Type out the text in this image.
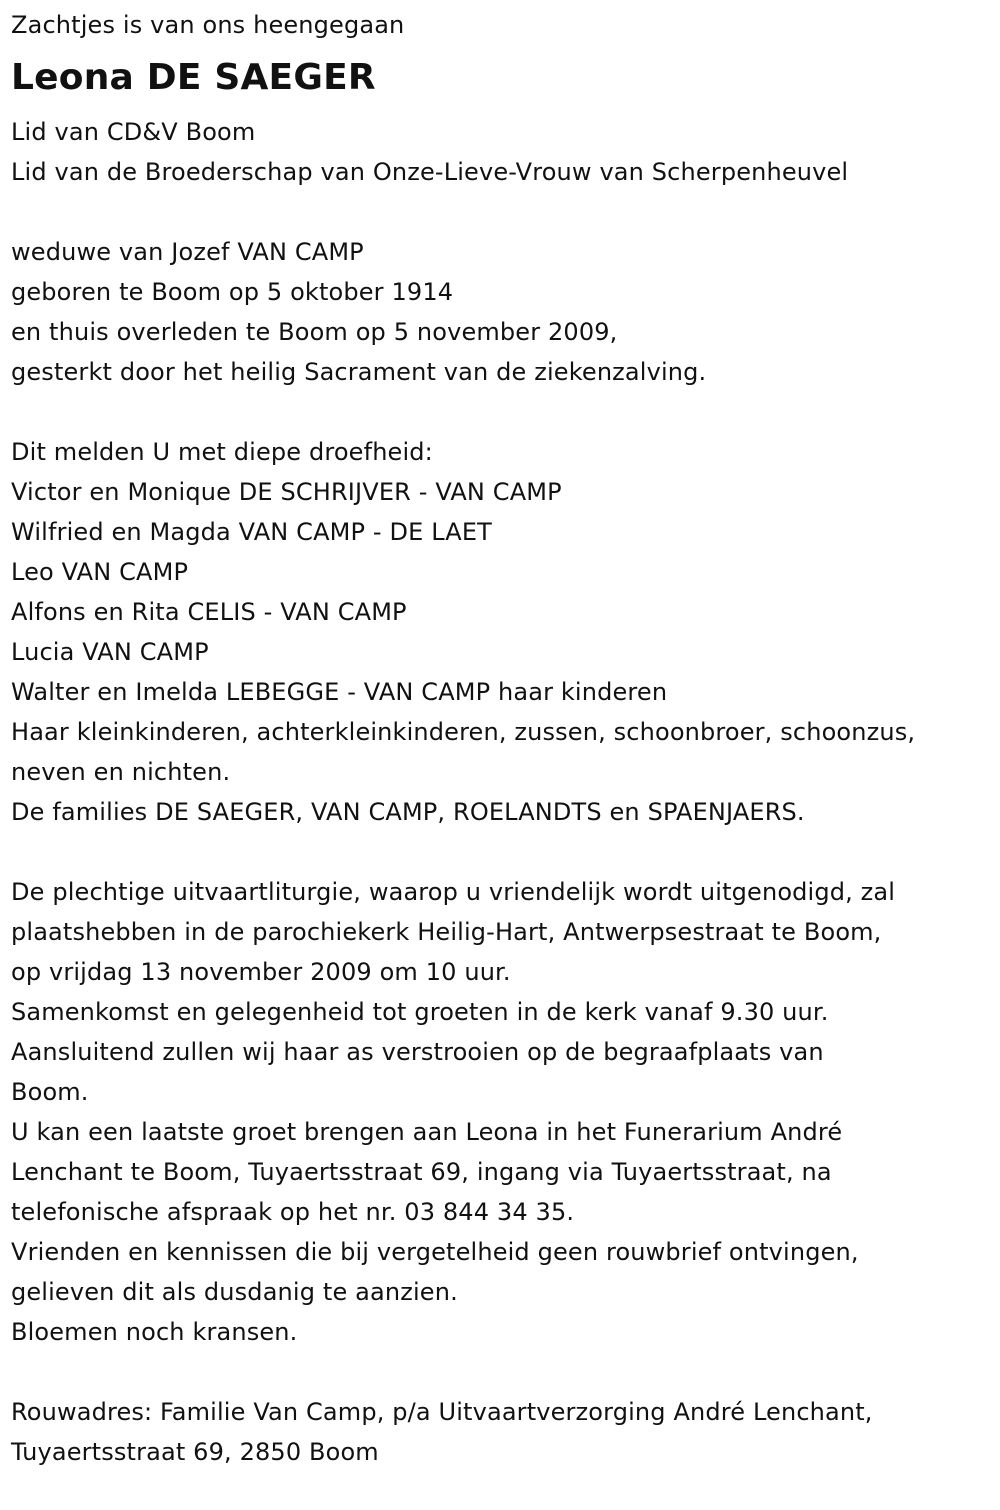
Zachtjes is van ons heengegaan
Leona DE SAEGER
Lid van CD&V Boom
Lid van de Broederschap van Onze-Lieve-Vrouw van Scherpenheuvel
weduwe van Jozef VAN CAMP
geboren te Boom op 5 oktober 1914
en thuis overleden te Boom op 5 november 2009,
gesterkt door het heilig Sacrament van de ziekenzalving.
Dit melden U met diepe droefheid:
Victor en Monique DE SCHRIJVER - VAN CAMP
Wilfried en Magda VAN CAMP - DE LAET
Leo VAN CAMP
Alfons en Rita CELIS - VAN CAMP
Lucia VAN CAMP
Walter en Imelda LEBEGGE - VAN CAMP haar kinderen
Haar kleinkinderen, achterkleinkinderen, zussen, schoonbroer, schoonzus,
neven en nichten.
De families DE SAEGER, VAN CAMP, ROELANDTS en SPAENJAERS.
De plechtige uitvaartliturgie, waarop u vriendelijk wordt uitgenodigd, zal
plaatshebben in de parochiekerk Heilig-Hart, Antwerpsestraat te Boom,
op vrijdag 13 november 2009 om 10 uur.
Samenkomst en gelegenheid tot groeten in de kerk vanaf 9.30 uur.
Aansluitend zullen wij haar as verstrooien op de begraafplaats van
Boom.
U kan een laatste groet brengen aan Leona in het Funerarium André
Lenchant te Boom, Tuyaertsstraat 69, ingang via Tuyaertsstraat, na
telefonische afspraak op het nr. 03 844 34 35.
Vrienden en kennissen die bij vergetelheid geen rouwbrief ontvingen,
gelieven dit als dusdanig te aanzien.
Bloemen noch kransen.
Rouwadres: Familie Van Camp, p/a Uitvaartverzorging André Lenchant,
Tuyaertsstraat 69, 2850 Boom
